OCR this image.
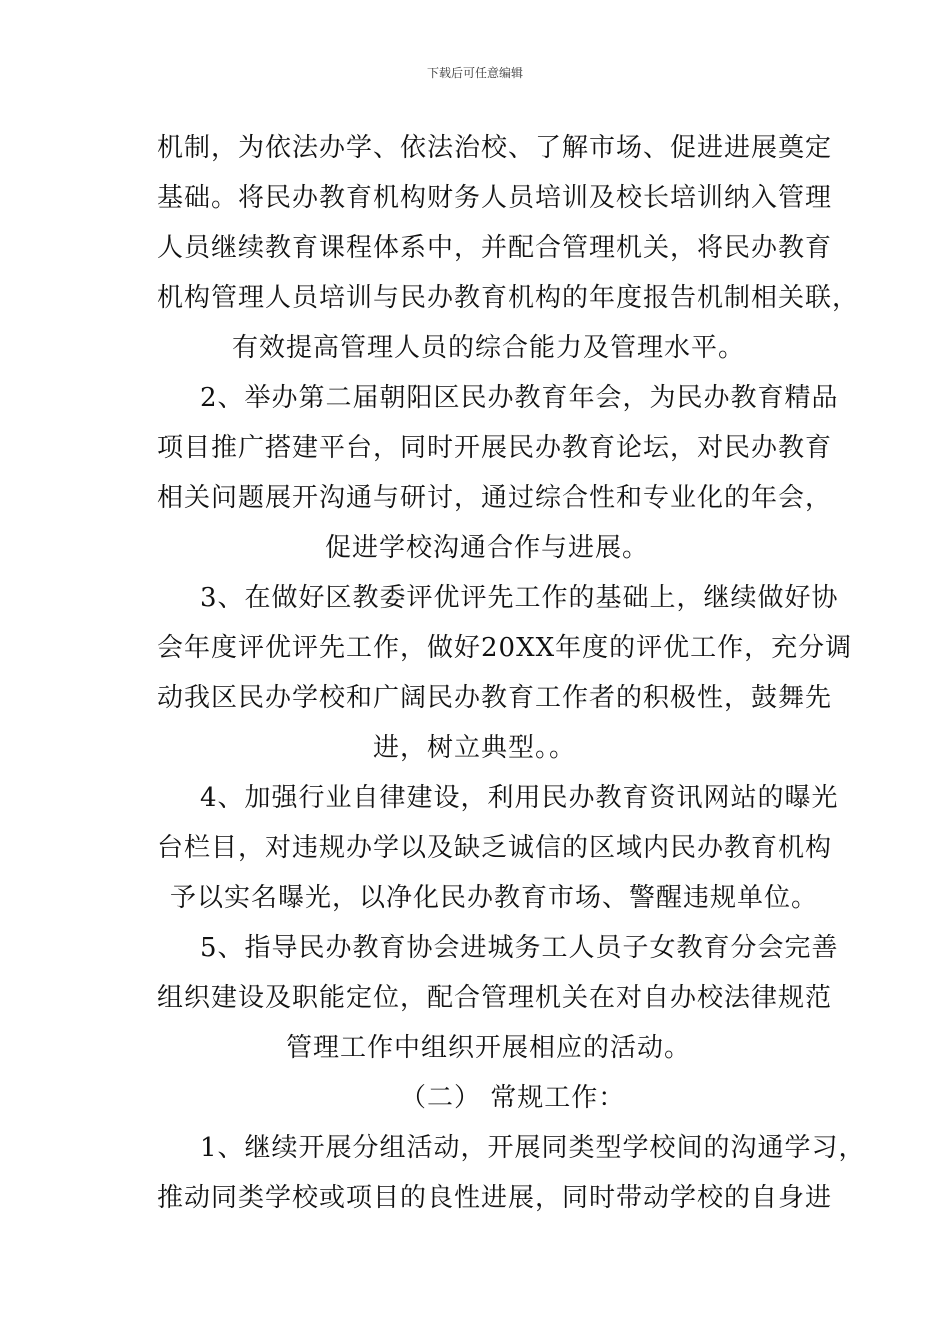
下载后可任意编辑
机制，为依法办学、依法治校、了解市场、促进进展奠定
基础。将民办教育机构财务人员培训及校长培训纳入管理
人员继续教育课程体系中，并配合管理机关，将民办教育
机构管理人员培训与民办教育机构的年度报告机制相关联，
有效提高管理人员的综合能力及管理水平。
2、举办第二届朝阳区民办教育年会，为民办教育精品
项目推广搭建平台，同时开展民办教育论坛，对民办教育
相关问题展开沟通与研讨，通过综合性和专业化的年会，
促进学校沟通合作与进展。
3、在做好区教委评优评先工作的基础上，继续做好协
会年度评优评先工作，做好20XX年度的评优工作，充分调
动我区民办学校和广阔民办教育工作者的积极性，鼓舞先
进，树立典型。。
4、加强行业自律建设，利用民办教育资讯网站的曝光
台栏目，对违规办学以及缺乏诚信的区域内民办教育机构
予以实名曝光，以净化民办教育市场、警醒违规单位。
5、指导民办教育协会进城务工人员子女教育分会完善
组织建设及职能定位，配合管理机关在对自办校法律规范
管理工作中组织开展相应的活动。
（二） 常规工作：
1、继续开展分组活动，开展同类型学校间的沟通学习，
推动同类学校或项目的良性进展，同时带动学校的自身进
